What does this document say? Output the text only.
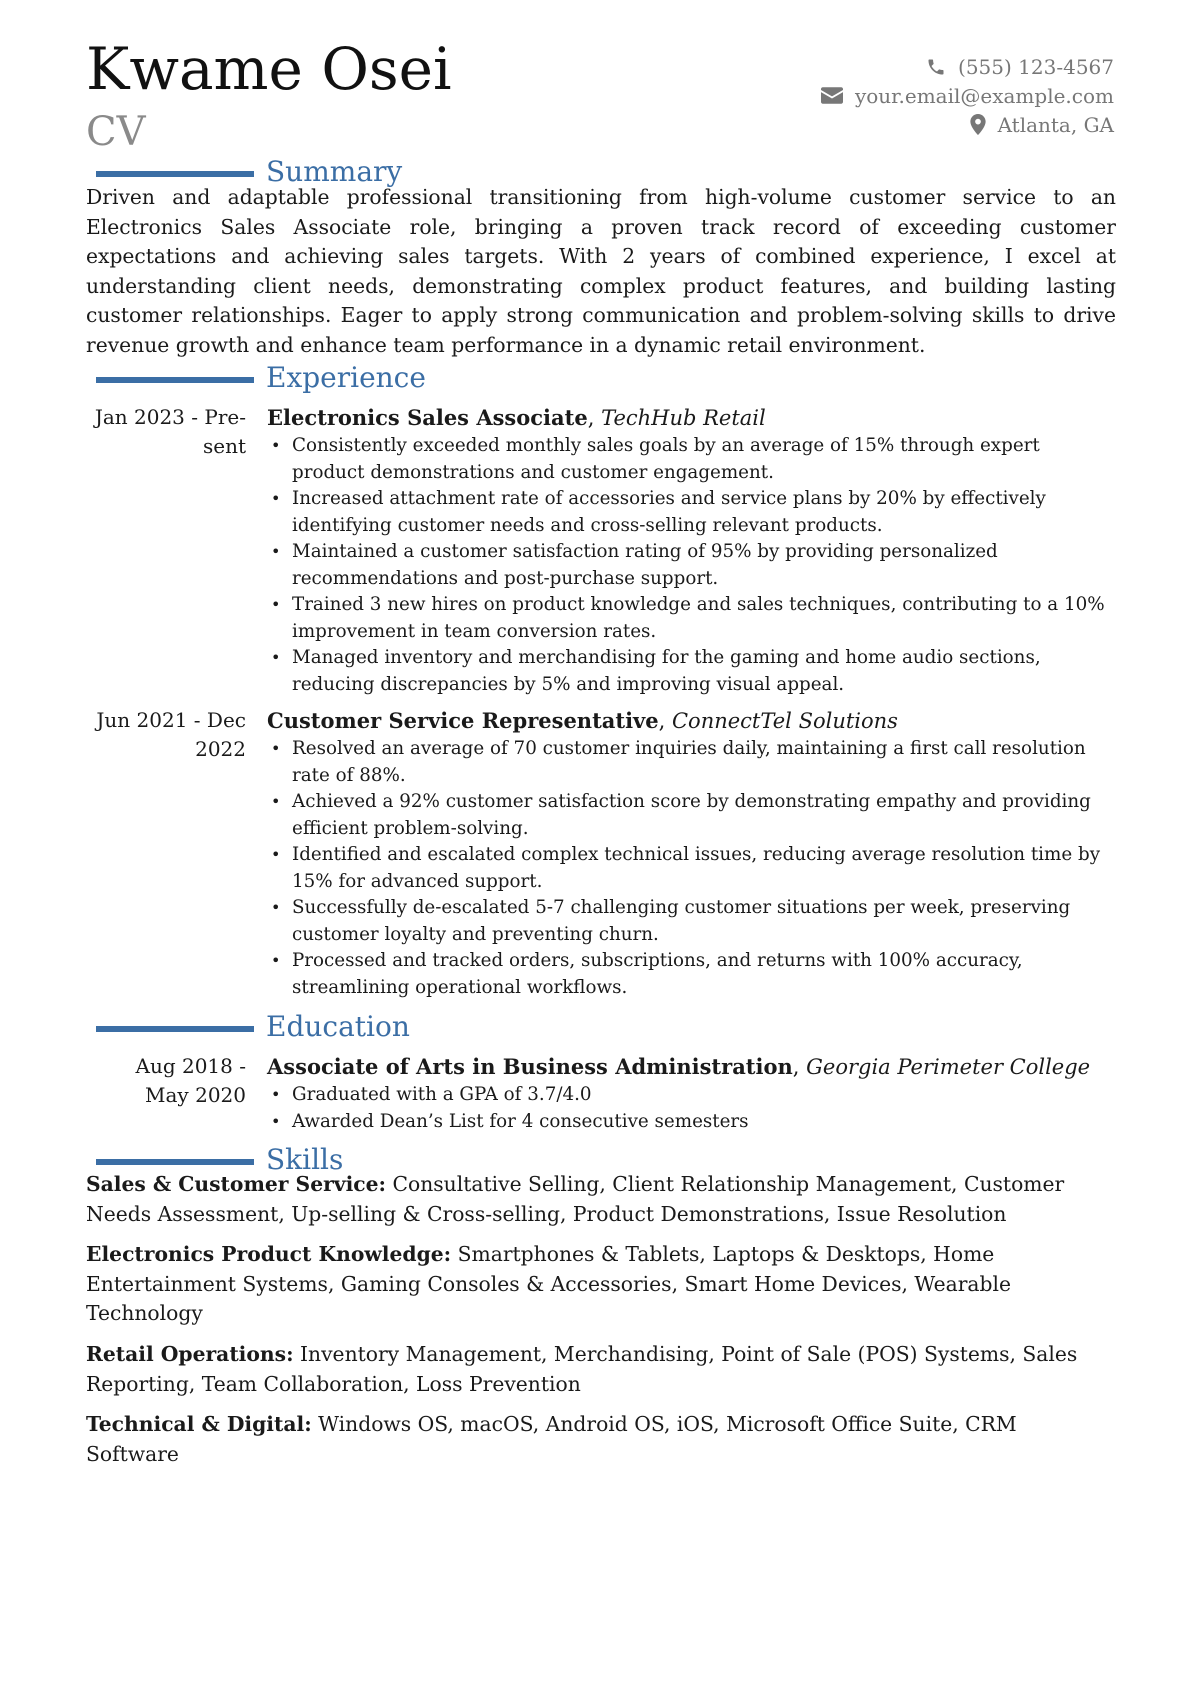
Kwame Osei
CV
(555) 123-4567
your.email@example.com
Atlanta, GA
Summary

Driven and adaptable professional transitioning from high-volume customer service to an Electronics Sales Associate role, bringing a proven track record of exceeding customer expectations and achieving sales targets. With 2 years of combined experience, I excel at understanding client needs, demonstrating complex product features, and building lasting customer relationships. Eager to apply strong communication and problem-solving skills to drive revenue growth and enhance team performance in a dynamic retail environment.

Experience
Jan 2023 - Pre-
sent
Electronics Sales Associate, TechHub Retail
• Consistently exceeded monthly sales goals by an average of 15% through expert product demonstrations and customer engagement.
• Increased attachment rate of accessories and service plans by 20% by effectively identifying customer needs and cross-selling relevant products.
• Maintained a customer satisfaction rating of 95% by providing personalized recommendations and post-purchase support.
• Trained 3 new hires on product knowledge and sales techniques, contributing to a 10% improvement in team conversion rates.
• Managed inventory and merchandising for the gaming and home audio sections, reducing discrepancies by 5% and improving visual appeal.
Jun 2021 - Dec
2022
Customer Service Representative, ConnectTel Solutions
• Resolved an average of 70 customer inquiries daily, maintaining a first call resolution rate of 88%.
• Achieved a 92% customer satisfaction score by demonstrating empathy and providing efficient problem-solving.
• Identified and escalated complex technical issues, reducing average resolution time by 15% for advanced support.
• Successfully de-escalated 5-7 challenging customer situations per week, preserving customer loyalty and preventing churn.
• Processed and tracked orders, subscriptions, and returns with 100% accuracy, streamlining operational workflows.
Education
Aug 2018 -
May 2020
Associate of Arts in Business Administration, Georgia Perimeter College
• Graduated with a GPA of 3.7/4.0
• Awarded Dean’s List for 4 consecutive semesters
Skills
Sales & Customer Service: Consultative Selling, Client Relationship Management, Customer Needs Assessment, Up-selling & Cross-selling, Product Demonstrations, Issue Resolution
Electronics Product Knowledge: Smartphones & Tablets, Laptops & Desktops, Home Entertainment Systems, Gaming Consoles & Accessories, Smart Home Devices, Wearable Technology
Retail Operations: Inventory Management, Merchandising, Point of Sale (POS) Systems, Sales Reporting, Team Collaboration, Loss Prevention
Technical & Digital: Windows OS, macOS, Android OS, iOS, Microsoft Office Suite, CRM Software
